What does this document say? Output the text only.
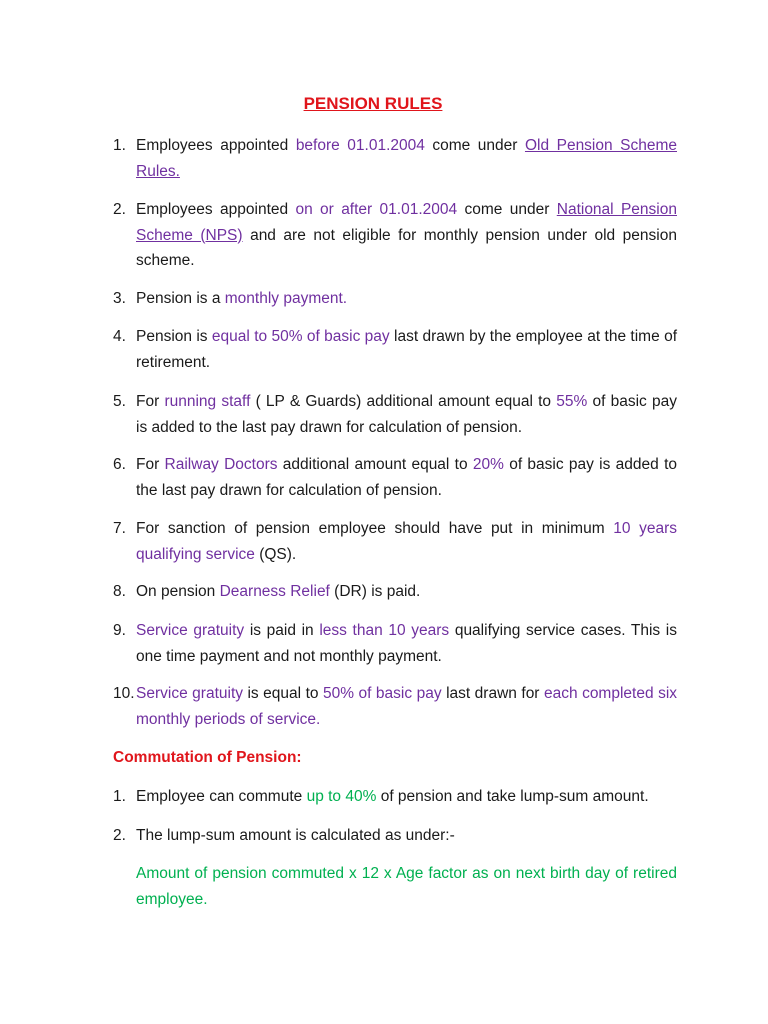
PENSION RULES
1. Employees appointed before 01.01.2004 come under Old Pension Scheme Rules.
2. Employees appointed on or after 01.01.2004 come under National Pension Scheme (NPS) and are not eligible for monthly pension under old pension scheme.
3. Pension is a monthly payment.
4. Pension is equal to 50% of basic pay last drawn by the employee at the time of retirement.
5. For running staff ( LP & Guards) additional amount equal to 55% of basic pay is added to the last pay drawn for calculation of pension.
6. For Railway Doctors additional amount equal to 20% of basic pay is added to the last pay drawn for calculation of pension.
7. For sanction of pension employee should have put in minimum 10 years qualifying service (QS).
8. On pension Dearness Relief (DR) is paid.
9. Service gratuity is paid in less than 10 years qualifying service cases. This is one time payment and not monthly payment.
10. Service gratuity is equal to 50% of basic pay last drawn for each completed six monthly periods of service.
Commutation of Pension:
1. Employee can commute up to 40% of pension and take lump-sum amount.
2. The lump-sum amount is calculated as under:-
Amount of pension commuted x 12 x Age factor as on next birth day of retired employee.
